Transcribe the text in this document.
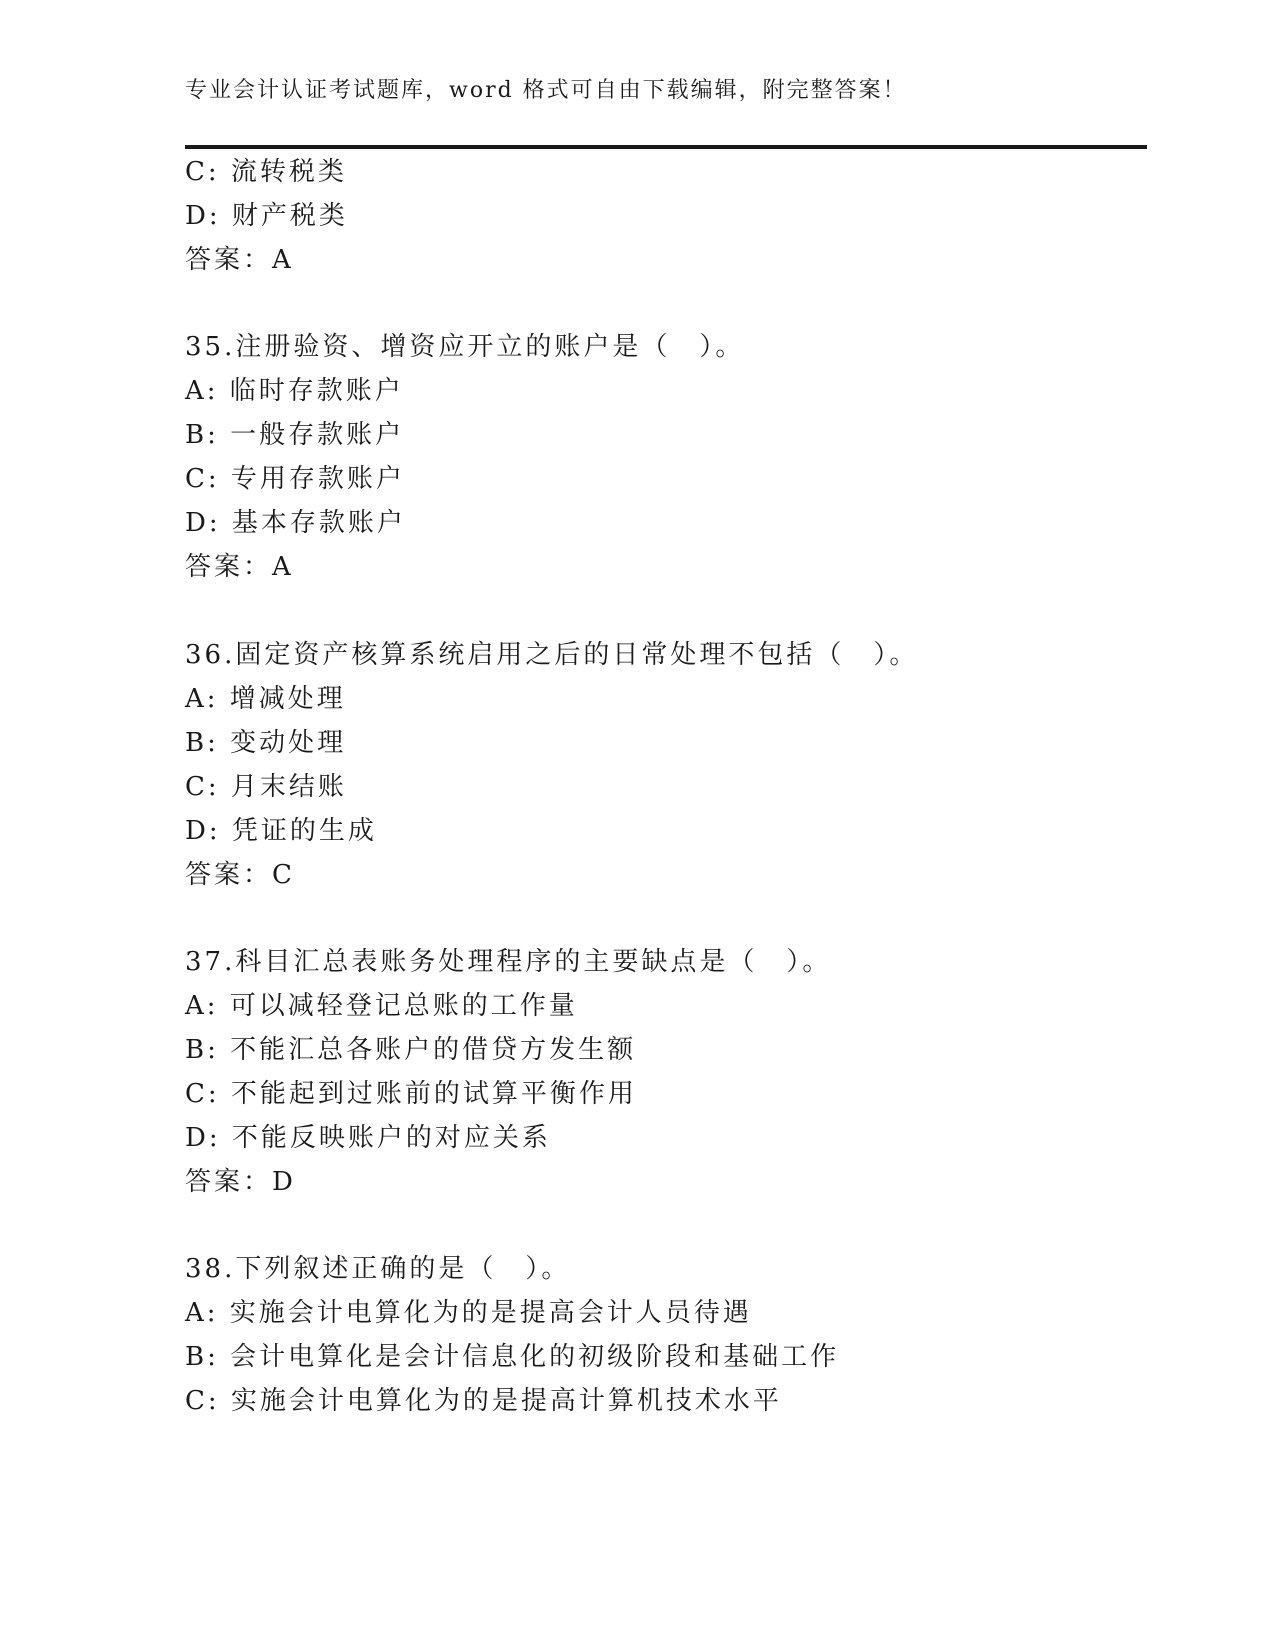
专业会计认证考试题库，word 格式可自由下载编辑，附完整答案！
C: 流转税类
D: 财产税类
答案：A
35.注册验资、增资应开立的账户是（　）。
A: 临时存款账户
B: 一般存款账户
C: 专用存款账户
D: 基本存款账户
答案：A
36.固定资产核算系统启用之后的日常处理不包括（　）。
A: 增减处理
B: 变动处理
C: 月末结账
D: 凭证的生成
答案：C
37.科目汇总表账务处理程序的主要缺点是（　）。
A: 可以减轻登记总账的工作量
B: 不能汇总各账户的借贷方发生额
C: 不能起到过账前的试算平衡作用
D: 不能反映账户的对应关系
答案：D
38.下列叙述正确的是（　）。
A: 实施会计电算化为的是提高会计人员待遇
B: 会计电算化是会计信息化的初级阶段和基础工作
C: 实施会计电算化为的是提高计算机技术水平
